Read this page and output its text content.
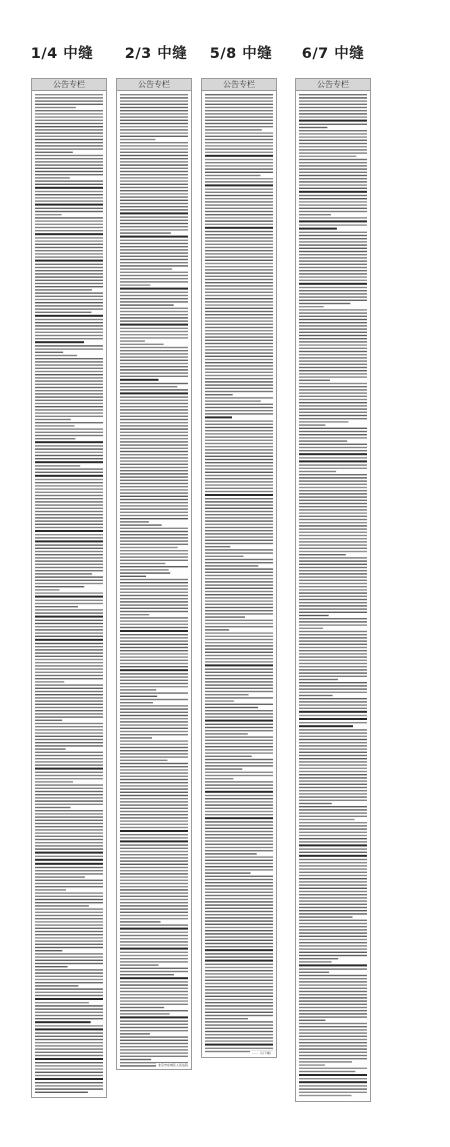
1/4 中缝	2/3 中缝	5/8 中缝	6/7 中缝
公告专栏	公告专栏
北京市东城区人民法院
公告专栏
……（以下略）
公告专栏
